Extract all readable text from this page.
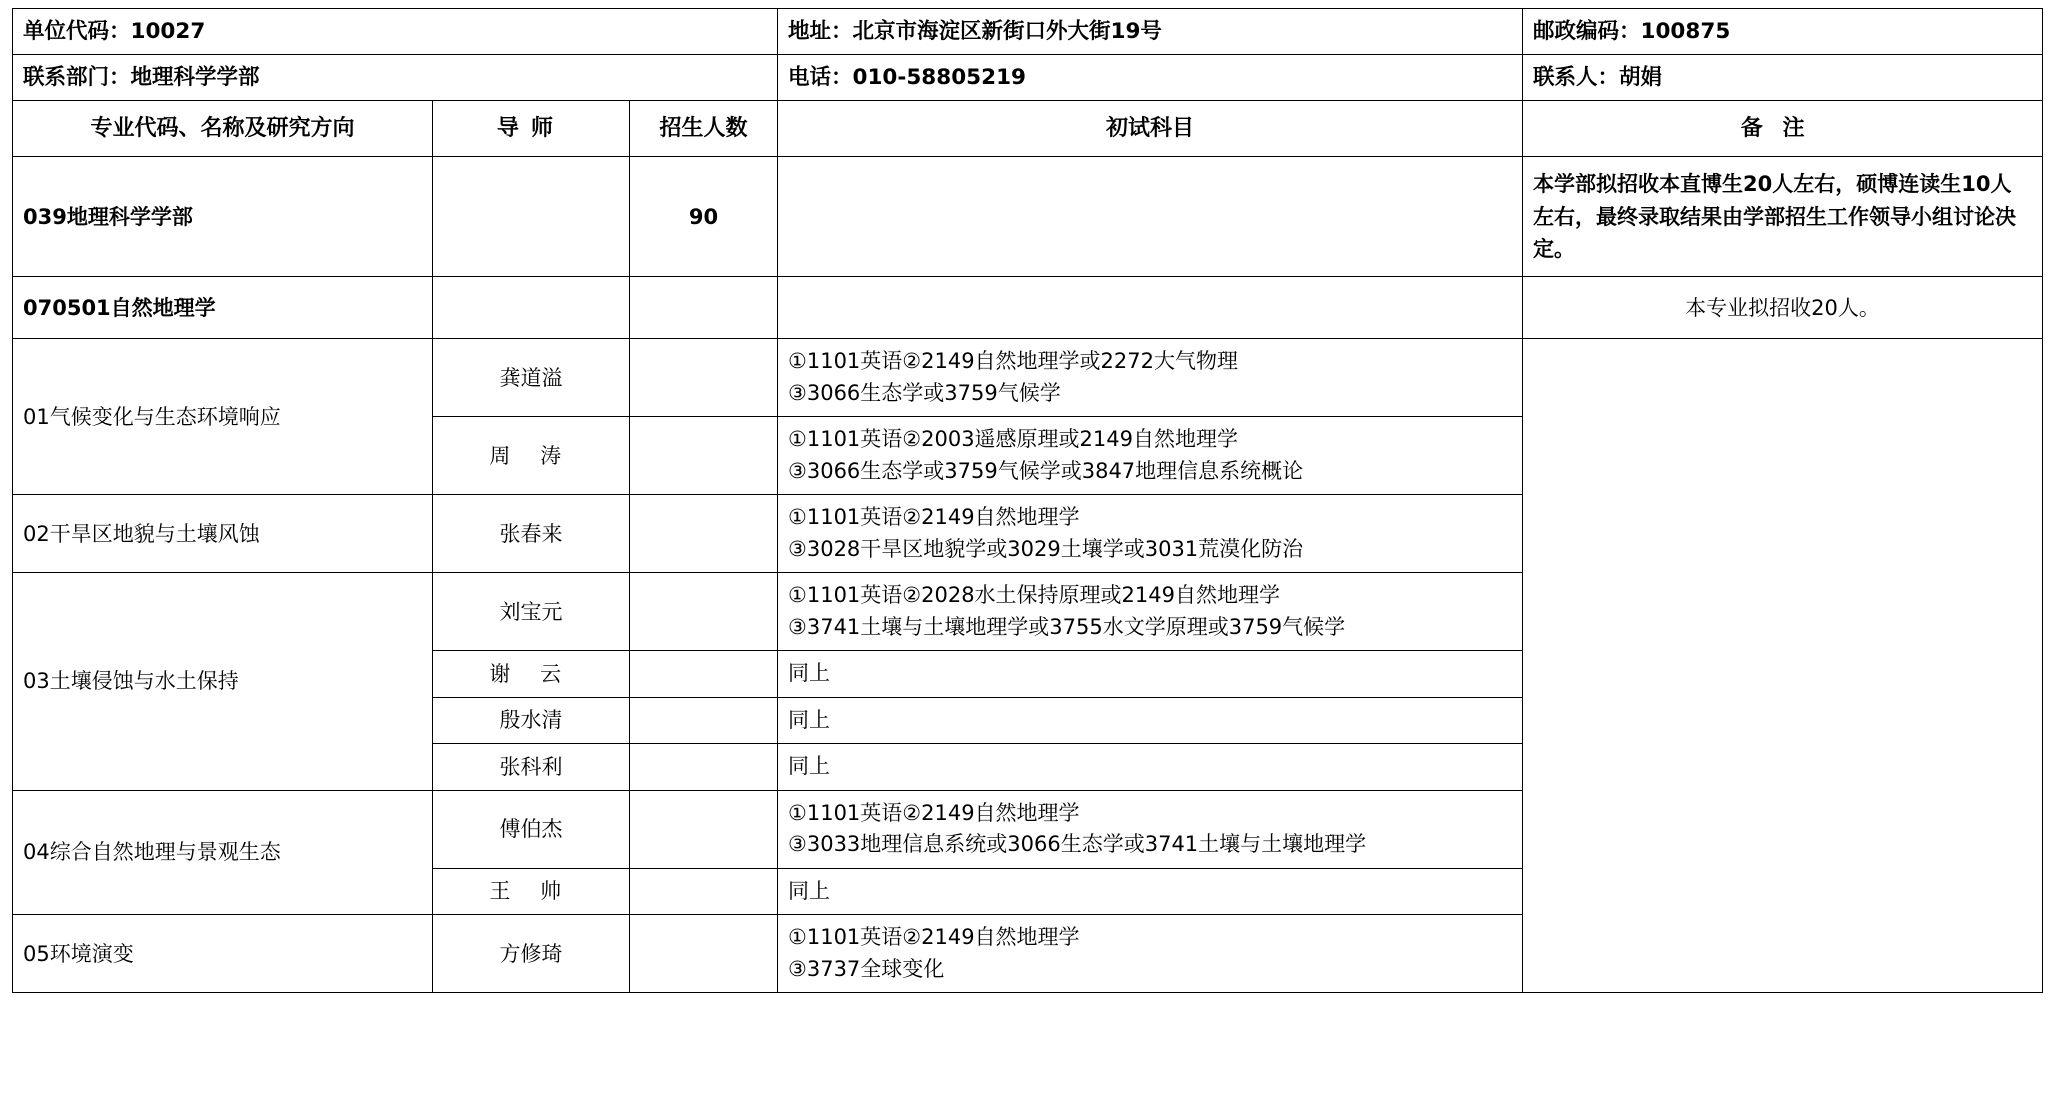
单位代码：10027			地址：北京市海淀区新街口外大街19号	邮政编码：100875
联系部门：地理科学学部			电话：010-58805219	联系人：胡娟
专业代码、名称及研究方向	导师	招生人数	初试科目	备注
039地理科学学部		90		本学部拟招收本直博生20人左右，硕博连读生10人左右，最终录取结果由学部招生工作领导小组讨论决定。
070501自然地理学				本专业拟招收20人。
01气候变化与生态环境响应	龚道溢		①1101英语②2149自然地理学或2272大气物理
③3066生态学或3759气候学	

	周 涛		①1101英语②2003遥感原理或2149自然地理学
③3066生态学或3759气候学或3847地理信息系统概论	

02干旱区地貌与土壤风蚀	张春来		①1101英语②2149自然地理学
③3028干旱区地貌学或3029土壤学或3031荒漠化防治	

03土壤侵蚀与水土保持	刘宝元		①1101英语②2028水土保持原理或2149自然地理学
③3741土壤与土壤地理学或3755水文学原理或3759气候学	

	谢 云		同上	
	殷水清		同上	
	张科利		同上	
04综合自然地理与景观生态	傅伯杰		①1101英语②2149自然地理学
③3033地理信息系统或3066生态学或3741土壤与土壤地理学	

	王 帅		同上	
05环境演变	方修琦		①1101英语②2149自然地理学
③3737全球变化	
